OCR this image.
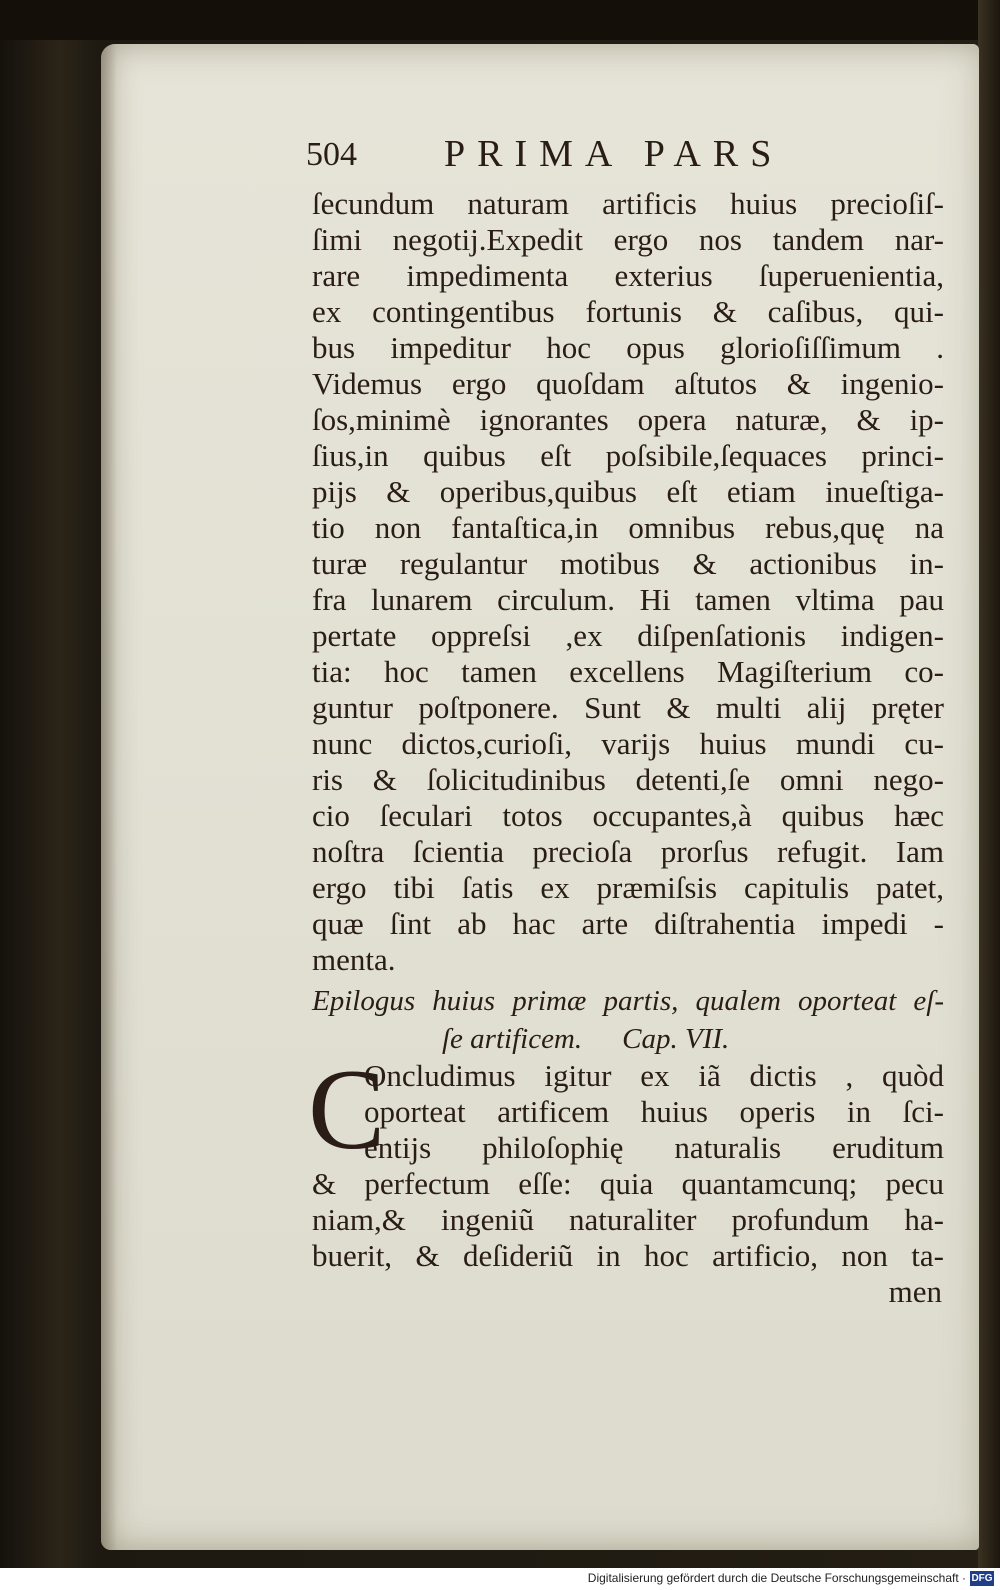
504 PRIMA PARS
ſecundum naturam artificis huius precioſiſ-
ſimi negotij.Expedit ergo nos tandem nar-
rare impedimenta exterius ſuperuenientia,
ex contingentibus fortunis & caſibus, qui-
bus impeditur hoc opus glorioſiſſimum .
Videmus ergo quoſdam aſtutos & ingenio-
ſos,minimè ignorantes opera naturæ, & ip-
ſius,in quibus eſt poſsibile,ſequaces princi-
pijs & operibus,quibus eſt etiam inueſtiga-
tio non fantaſtica,in omnibus rebus,quę na
turæ regulantur motibus & actionibus in-
fra lunarem circulum. Hi tamen vltima pau
pertate oppreſsi ,ex diſpenſationis indigen-
tia: hoc tamen excellens Magiſterium co-
guntur poſtponere. Sunt & multi alij pręter
nunc dictos,curioſi, varijs huius mundi cu-
ris & ſolicitudinibus detenti,ſe omni nego-
cio ſeculari totos occupantes,à quibus hæc
noſtra ſcientia precioſa prorſus refugit. Iam
ergo tibi ſatis ex præmiſsis capitulis patet,
quæ ſint ab hac arte diſtrahentia impedi -
menta.
Epilogus huius primæ partis, qualem oporteat eſ-
ſe artificem. Cap. VII.
C
Oncludimus igitur ex iã dictis , quòd
oporteat artificem huius operis in ſci-
entijs philoſophię naturalis eruditum
& perfectum eſſe: quia quantamcunq; pecu
niam,& ingeniũ naturaliter profundum ha-
buerit, & deſideriũ in hoc artificio, non ta-
men
Digitalisierung gefördert durch die Deutsche Forschungsgemeinschaft · DFG
